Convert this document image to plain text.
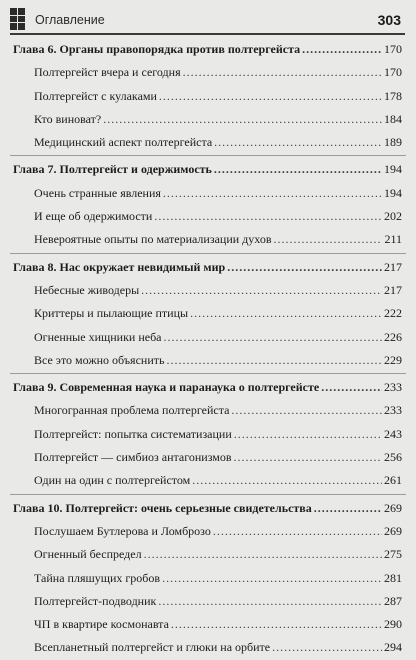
Оглавление	303
Глава 6. Органы правопорядка против полтергейста .....	170
Полтергейст вчера и сегодня .....	170
Полтергейст с кулаками .....	178
Кто виноват? .....	184
Медицинский аспект полтергейста .....	189
Глава 7. Полтергейст и одержимость .....	194
Очень странные явления .....	194
И еще об одержимости .....	202
Невероятные опыты по материализации духов .....	211
Глава 8. Нас окружает невидимый мир .....	217
Небесные живодеры .....	217
Криттеры и пылающие птицы .....	222
Огненные хищники неба .....	226
Все это можно объяснить .....	229
Глава 9. Современная наука и паранаука о полтергейсте .....	233
Многогранная проблема полтергейста .....	233
Полтергейст: попытка систематизации .....	243
Полтергейст — симбиоз антагонизмов .....	256
Один на один с полтергейстом .....	261
Глава 10. Полтергейст: очень серьезные свидетельства .....	269
Послушаем Бутлерова и Ломброзо .....	269
Огненный беспредел .....	275
Тайна пляшущих гробов .....	281
Полтергейст-подводник .....	287
ЧП в квартире космонавта .....	290
Всепланетный полтергейст и глюки на орбите .....	294
